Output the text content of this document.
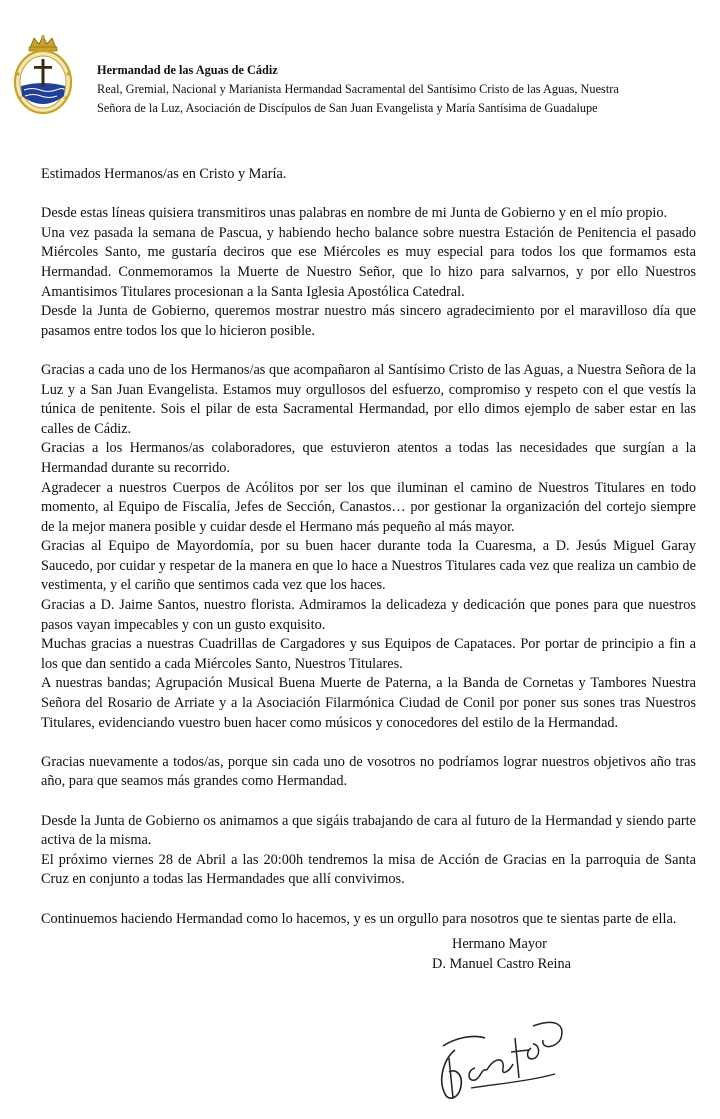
Hermandad de las Aguas de Cádiz
Real, Gremial, Nacional y Marianista Hermandad Sacramental del Santísimo Cristo de las Aguas, Nuestra
Señora de la Luz, Asociación de Discípulos de San Juan Evangelista y María Santísima de Guadalupe

Estimados Hermanos/as en Cristo y María.

Desde estas líneas quisiera transmitiros unas palabras en nombre de mi Junta de Gobierno y en el mío propio.

Una vez pasada la semana de Pascua, y habiendo hecho balance sobre nuestra Estación de Penitencia el pasado Miércoles Santo, me gustaría deciros que ese Miércoles es muy especial para todos los que formamos esta Hermandad. Conmemoramos la Muerte de Nuestro Señor, que lo hizo para salvarnos, y por ello Nuestros Amantisimos Titulares procesionan a la Santa Iglesia Apostólica Catedral.

Desde la Junta de Gobierno, queremos mostrar nuestro más sincero agradecimiento por el maravilloso día que pasamos entre todos los que lo hicieron posible.

Gracias a cada uno de los Hermanos/as que acompañaron al Santísimo Cristo de las Aguas, a Nuestra Señora de la Luz y a San Juan Evangelista. Estamos muy orgullosos del esfuerzo, compromiso y respeto con el que vestís la túnica de penitente. Sois el pilar de esta Sacramental Hermandad, por ello dimos ejemplo de saber estar en las calles de Cádiz.

Gracias a los Hermanos/as colaboradores, que estuvieron atentos a todas las necesidades que surgían a la Hermandad durante su recorrido.

Agradecer a nuestros Cuerpos de Acólitos por ser los que iluminan el camino de Nuestros Titulares en todo momento, al Equipo de Fiscalía, Jefes de Sección, Canastos… por gestionar la organización del cortejo siempre de la mejor manera posible y cuidar desde el Hermano más pequeño al más mayor.

Gracias al Equipo de Mayordomía, por su buen hacer durante toda la Cuaresma, a D. Jesús Miguel Garay Saucedo, por cuidar y respetar de la manera en que lo hace a Nuestros Titulares cada vez que realiza un cambio de vestimenta, y el cariño que sentimos cada vez que los haces.

Gracias a D. Jaime Santos, nuestro florista. Admiramos la delicadeza y dedicación que pones para que nuestros pasos vayan impecables y con un gusto exquisito.

Muchas gracias a nuestras Cuadrillas de Cargadores y sus Equipos de Capataces. Por portar de principio a fin a los que dan sentido a cada Miércoles Santo, Nuestros Titulares.

A nuestras bandas; Agrupación Musical Buena Muerte de Paterna, a la Banda de Cornetas y Tambores Nuestra Señora del Rosario de Arriate y a la Asociación Filarmónica Ciudad de Conil por poner sus sones tras Nuestros Titulares, evidenciando vuestro buen hacer como músicos y conocedores del estilo de la Hermandad.

Gracias nuevamente a todos/as, porque sin cada uno de vosotros no podríamos lograr nuestros objetivos año tras año, para que seamos más grandes como Hermandad.

Desde la Junta de Gobierno os animamos a que sigáis trabajando de cara al futuro de la Hermandad y siendo parte activa de la misma.

El próximo viernes 28 de Abril a las 20:00h tendremos la misa de Acción de Gracias en la parroquia de Santa Cruz en conjunto a todas las Hermandades que allí convivimos.

Continuemos haciendo Hermandad como lo hacemos, y es un orgullo para nosotros que te sientas parte de ella.

Hermano Mayor
D. Manuel Castro Reina
